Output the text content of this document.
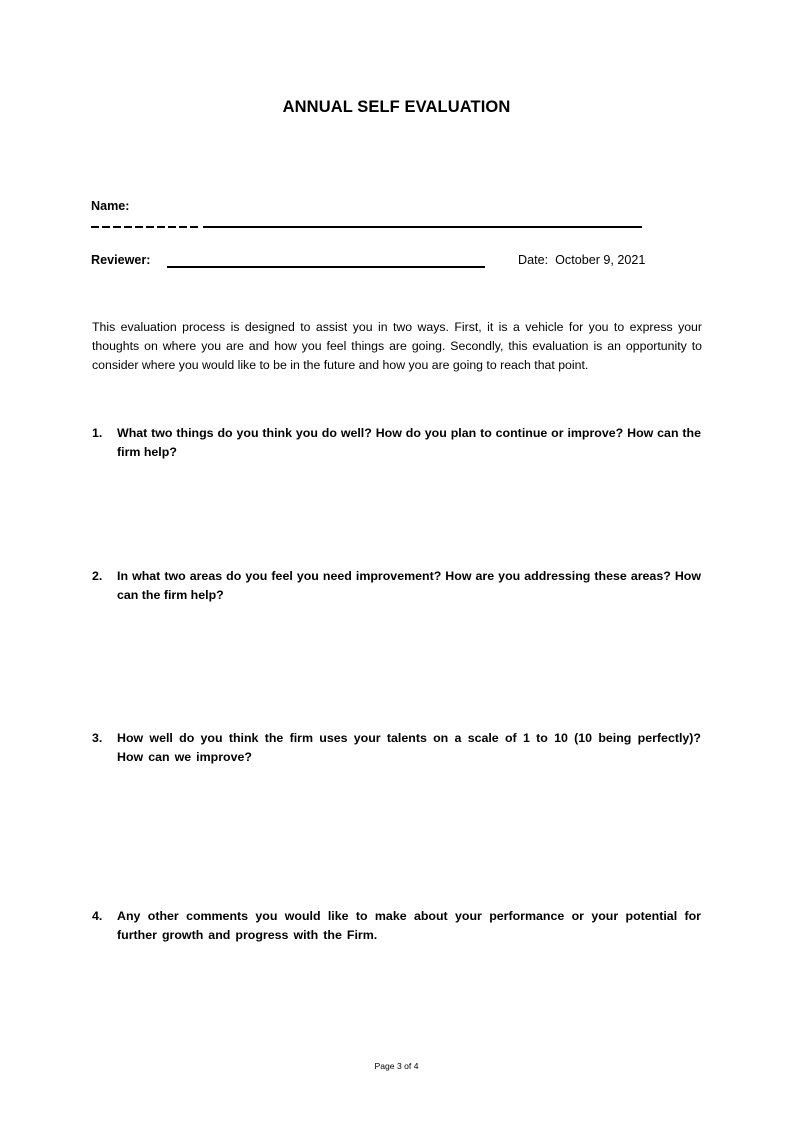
ANNUAL SELF EVALUATION
Name:
Reviewer:	Date:  October 9, 2021
This evaluation process is designed to assist you in two ways. First, it is a vehicle for you to express your thoughts on where you are and how you feel things are going. Secondly, this evaluation is an opportunity to consider where you would like to be in the future and how you are going to reach that point.
1.	What two things do you think you do well? How do you plan to continue or improve? How can the firm help?
2.	In what two areas do you feel you need improvement? How are you addressing these areas? How can the firm help?
3.	How well do you think the firm uses your talents on a scale of 1 to 10 (10 being perfectly)? How can we improve?
4.	Any other comments you would like to make about your performance or your potential for further growth and progress with the Firm.
Page 3 of 4
